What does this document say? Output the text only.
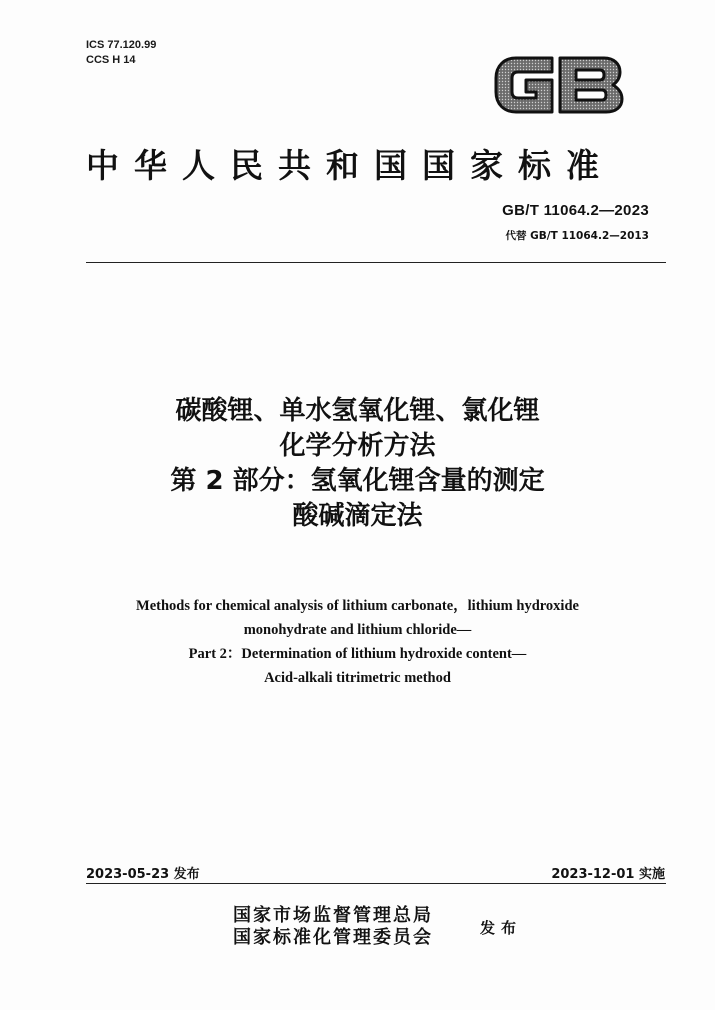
ICS 77.120.99
CCS H 14
中华人民共和国国家标准
GB/T 11064.2—2023
代替 GB/T 11064.2—2013
碳酸锂、单水氢氧化锂、氯化锂
化学分析方法
第 2 部分：氢氧化锂含量的测定
酸碱滴定法
Methods for chemical analysis of lithium carbonate，lithium hydroxide
monohydrate and lithium chloride—
Part 2：Determination of lithium hydroxide content—
Acid-alkali titrimetric method
2023-05-23 发布	2023-12-01 实施
国家市场监督管理总局
国家标准化管理委员会	发布
